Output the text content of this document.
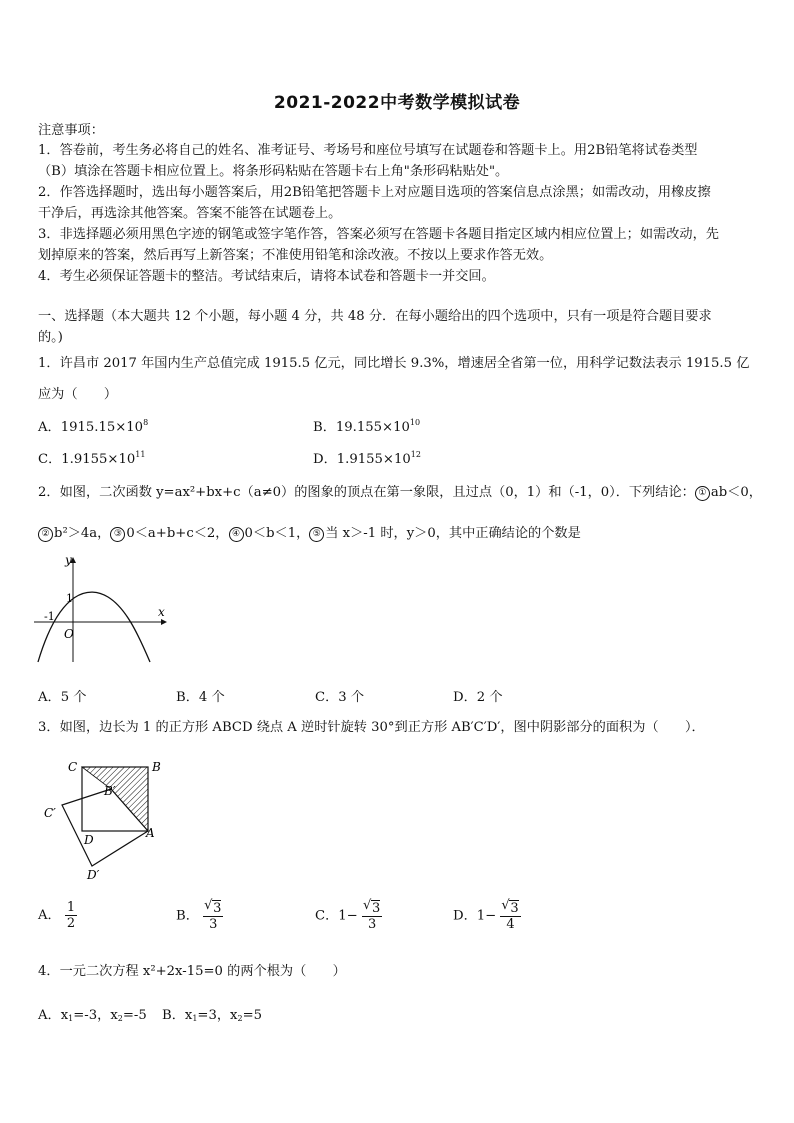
2021-2022中考数学模拟试卷
注意事项：
1．答卷前，考生务必将自己的姓名、准考证号、考场号和座位号填写在试题卷和答题卡上。用2B铅笔将试卷类型
（B）填涂在答题卡相应位置上。将条形码粘贴在答题卡右上角"条形码粘贴处"。
2．作答选择题时，选出每小题答案后，用2B铅笔把答题卡上对应题目选项的答案信息点涂黑；如需改动，用橡皮擦
干净后，再选涂其他答案。答案不能答在试题卷上。
3．非选择题必须用黑色字迹的钢笔或签字笔作答，答案必须写在答题卡各题目指定区域内相应位置上；如需改动，先
划掉原来的答案，然后再写上新答案；不准使用铅笔和涂改液。不按以上要求作答无效。
4．考生必须保证答题卡的整洁。考试结束后，请将本试卷和答题卡一并交回。
一、选择题（本大题共 12 个小题，每小题 4 分，共 48 分．在每小题给出的四个选项中，只有一项是符合题目要求
的。)
1．许昌市 2017 年国内生产总值完成 1915.5 亿元，同比增长 9.3%，增速居全省第一位，用科学记数法表示 1915.5 亿
应为（　　）
A．$1915.15\times 10^8$	B．$19.155\times 10^{10}$
C．$1.9155\times 10^{11}$	D．$1.9155\times 10^{12}$
2．如图，二次函数 y=ax²+bx+c（a≠0）的图象的顶点在第一象限，且过点（0，1）和（-1，0）．下列结论： ① ab＜0，
② b²＞4a， ③ 0＜a+b+c＜2， ④ 0＜b＜1， ⑤ 当 x＞-1 时，y＞0，其中正确结论的个数是
y
x
1
-1
O
A．5 个	B．4 个	C．3 个	D．2 个
3．如图，边长为 1 的正方形 ABCD 绕点 A 逆时针旋转 30°到正方形 AB′C′D′，图中阴影部分的面积为（　　）．
C	B
B′
C′
D	A
D′
A． $\frac{1}{2}$	B． √ $\frac{3}{3}$	C．1− √ $\frac{3}{3}$	D．1− √ $\frac{3}{4}$
4．一元二次方程 x²+2x-15=0 的两个根为（　　）
A．$x_1=-3$，$x_2=-5$ B．$x_1=3$，$x_2=5$
